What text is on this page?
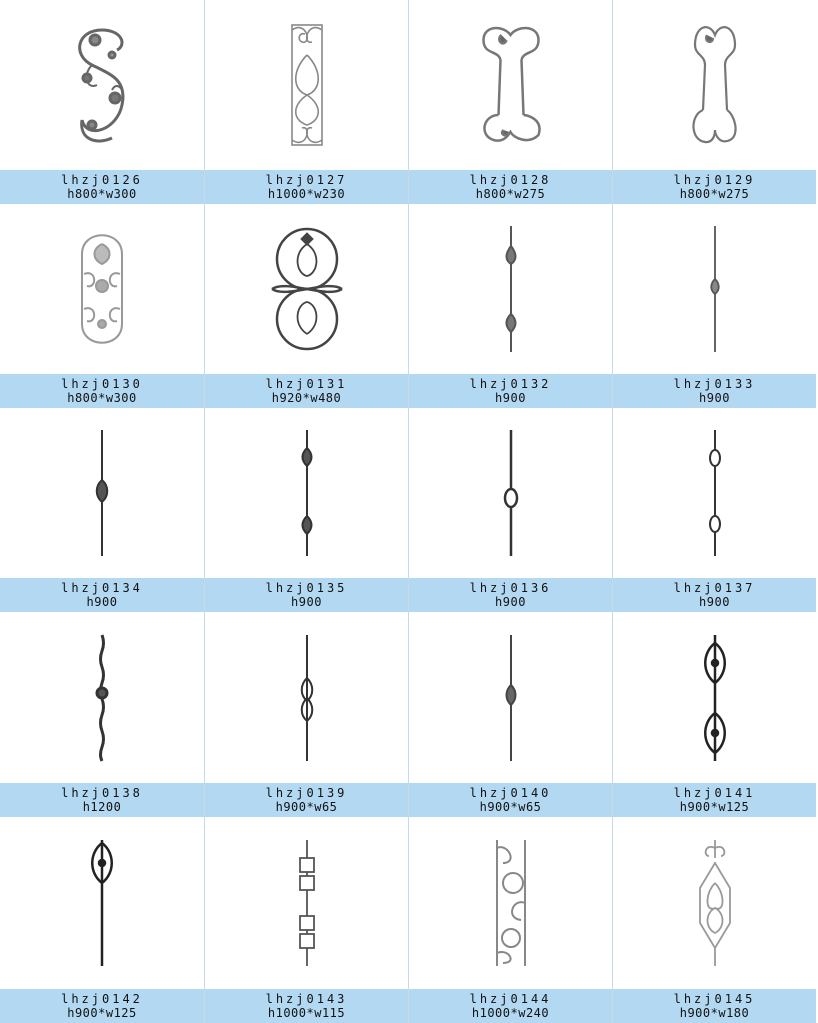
lhzj0126
h800*w300
lhzj0127
h1000*w230
lhzj0128
h800*w275
lhzj0129
h800*w275
lhzj0130
h800*w300
lhzj0131
h920*w480
lhzj0132
h900
lhzj0133
h900
lhzj0134
h900
lhzj0135
h900
lhzj0136
h900
lhzj0137
h900
lhzj0138
h1200
lhzj0139
h900*w65
lhzj0140
h900*w65
lhzj0141
h900*w125
lhzj0142
h900*w125
lhzj0143
h1000*w115
lhzj0144
h1000*w240
lhzj0145
h900*w180
